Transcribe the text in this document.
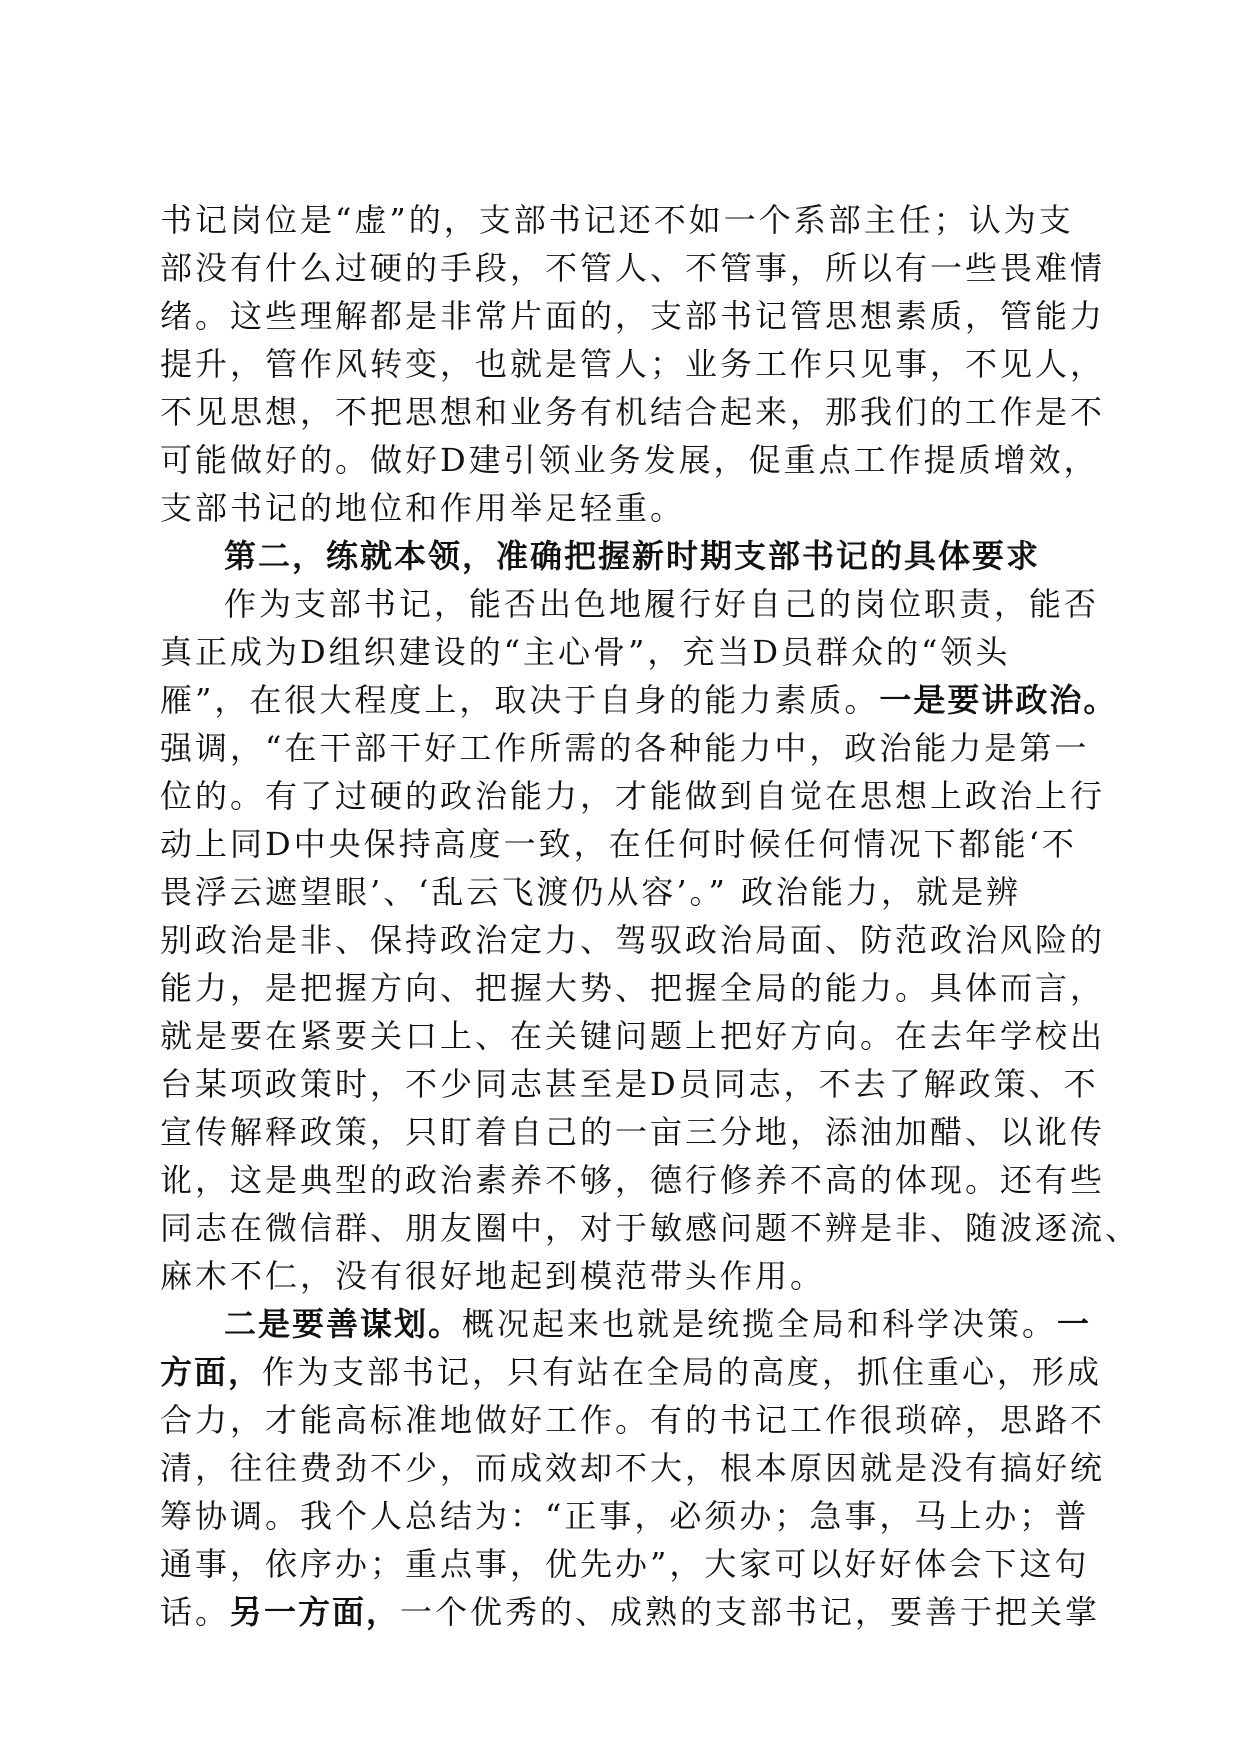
书记岗位是“虚”的，支部书记还不如一个系部主任；认为支
部没有什么过硬的手段，不管人、不管事，所以有一些畏难情
绪。这些理解都是非常片面的，支部书记管思想素质，管能力
提升，管作风转变，也就是管人；业务工作只见事，不见人，
不见思想，不把思想和业务有机结合起来，那我们的工作是不
可能做好的。做好D建引领业务发展，促重点工作提质增效，
支部书记的地位和作用举足轻重。
第二，练就本领，准确把握新时期支部书记的具体要求
作为支部书记，能否出色地履行好自己的岗位职责，能否
真正成为D组织建设的“主心骨”，充当D员群众的“领头
雁”，在很大程度上，取决于自身的能力素质。一是要讲政治。
强调，“在干部干好工作所需的各种能力中，政治能力是第一
位的。有了过硬的政治能力，才能做到自觉在思想上政治上行
动上同D中央保持高度一致，在任何时候任何情况下都能‘不
畏浮云遮望眼’、‘乱云飞渡仍从容’。” 政治能力，就是辨
别政治是非、保持政治定力、驾驭政治局面、防范政治风险的
能力，是把握方向、把握大势、把握全局的能力。具体而言，
就是要在紧要关口上、在关键问题上把好方向。在去年学校出
台某项政策时，不少同志甚至是D员同志，不去了解政策、不
宣传解释政策，只盯着自己的一亩三分地，添油加醋、以讹传
讹，这是典型的政治素养不够，德行修养不高的体现。还有些
同志在微信群、朋友圈中，对于敏感问题不辨是非、随波逐流、
麻木不仁，没有很好地起到模范带头作用。
二是要善谋划。概况起来也就是统揽全局和科学决策。一
方面，作为支部书记，只有站在全局的高度，抓住重心，形成
合力，才能高标准地做好工作。有的书记工作很琐碎，思路不
清，往往费劲不少，而成效却不大，根本原因就是没有搞好统
筹协调。我个人总结为：“正事，必须办；急事，马上办；普
通事，依序办；重点事，优先办”，大家可以好好体会下这句
话。另一方面，一个优秀的、成熟的支部书记，要善于把关掌
